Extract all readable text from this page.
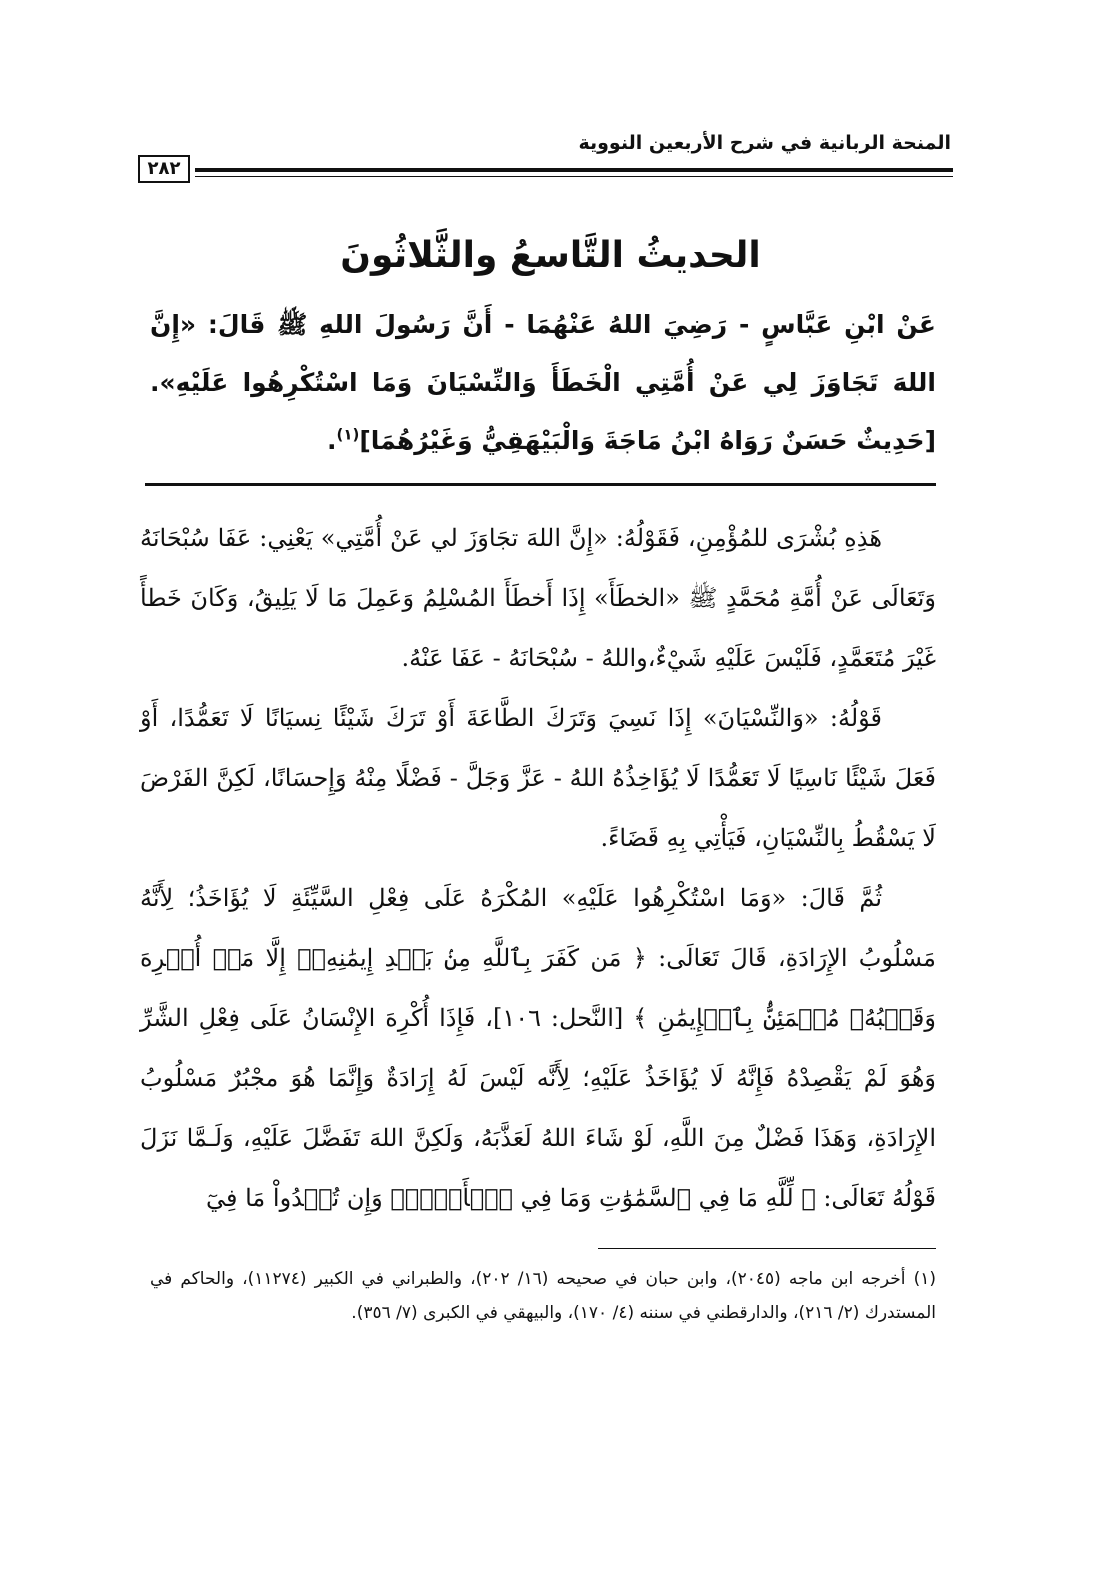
المنحة الربانية في شرح الأربعين النووية
٢٨٢
الحديثُ التَّاسعُ والثَّلاثُونَ

عَنْ ابْنِ عَبَّاسٍ - رَضِيَ اللهُ عَنْهُمَا - أَنَّ رَسُولَ اللهِ ﷺ قَالَ: «إِنَّ اللهَ تَجَاوَزَ لِي عَنْ أُمَّتِي الْخَطَأَ وَالنِّسْيَانَ وَمَا اسْتُكْرِهُوا عَلَيْهِ». [حَدِيثٌ حَسَنٌ رَوَاهُ ابْنُ مَاجَةَ وَالْبَيْهَقِيُّ وَغَيْرُهُمَا]$^{(١)}$.

هَذِهِ بُشْرَى للمُؤْمِنِ، فَقَوْلُهُ: «إِنَّ اللهَ تجَاوَزَ لي عَنْ أُمَّتِي» يَعْنِي: عَفَا سُبْحَانَهُ وَتَعَالَى عَنْ أُمَّةِ مُحَمَّدٍ ﷺ «الخطَأَ» إِذَا أَخطَأَ المُسْلِمُ وَعَمِلَ مَا لَا يَلِيقُ، وَكَانَ خَطأً غَيْرَ مُتَعَمَّدٍ، فَلَيْسَ عَلَيْهِ شَيْءٌ،واللهُ - سُبْحَانَهُ - عَفَا عَنْهُ.

قَوْلُهُ: «وَالنِّسْيَانَ» إِذَا نَسِيَ وَتَرَكَ الطَّاعَةَ أَوْ تَرَكَ شَيْئًا نِسيَانًا لَا تَعَمُّدًا، أَوْ فَعَلَ شَيْئًا نَاسِيًا لَا تَعَمُّدًا لَا يُؤَاخِذُهُ اللهُ - عَزَّ وَجَلَّ - فَضْلًا مِنْهُ وَإِحسَانًا، لَكِنَّ الفَرْضَ لَا يَسْقُطُ بِالنِّسْيَانِ، فَيَأْتِي بِهِ قَضَاءً.

ثُمَّ قَالَ: «وَمَا اسْتُكْرِهُوا عَلَيْهِ» المُكْرَهُ عَلَى فِعْلِ السَّيِّئَةِ لَا يُؤَاخَذُ؛ لِأَنَّهُ مَسْلُوبُ الإِرَادَةِ، قَالَ تَعَالَى: ﴿ مَن كَفَرَ بِٱللَّهِ مِنۢ بَعۡدِ إِيمَٰنِهِۦٓ إِلَّا مَنۡ أُكۡرِهَ وَقَلۡبُهُۥ مُطۡمَئِنُّۢ بِٱلۡإِيمَٰنِ ﴾ [النَّحل: ١٠٦]، فَإِذَا أُكْرِهَ الإِنْسَانُ عَلَى فِعْلِ الشَّرِّ وَهُوَ لَمْ يَقْصِدْهُ فَإِنَّهُ لَا يُؤَاخَذُ عَلَيْهِ؛ لِأَنَّه لَيْسَ لَهُ إِرَادَةٌ وَإِنَّمَا هُوَ مجْبُرٌ مَسْلُوبُ الإِرَادَةِ، وَهَذَا فَضْلٌ مِنَ اللَّهِ، لَوْ شَاءَ اللهُ لَعَذَّبَهُ، وَلَكِنَّ اللهَ تَفَضَّلَ عَلَيْهِ، وَلَـمَّا نَزَلَ قَوْلُهُ تَعَالَى: ﴿ لِّلَّهِ مَا فِي ٱلسَّمَٰوَٰتِ وَمَا فِي ٱلۡأَرۡضِۗ وَإِن تُبۡدُواْ مَا فِيٓ

(١) أخرجه ابن ماجه (٢٠٤٥)، وابن حبان في صحيحه (١٦/ ٢٠٢)، والطبراني في الكبير (١١٢٧٤)، والحاكم في المستدرك (٢/ ٢١٦)، والدارقطني في سننه (٤/ ١٧٠)، والبيهقي في الكبرى (٧/ ٣٥٦).
